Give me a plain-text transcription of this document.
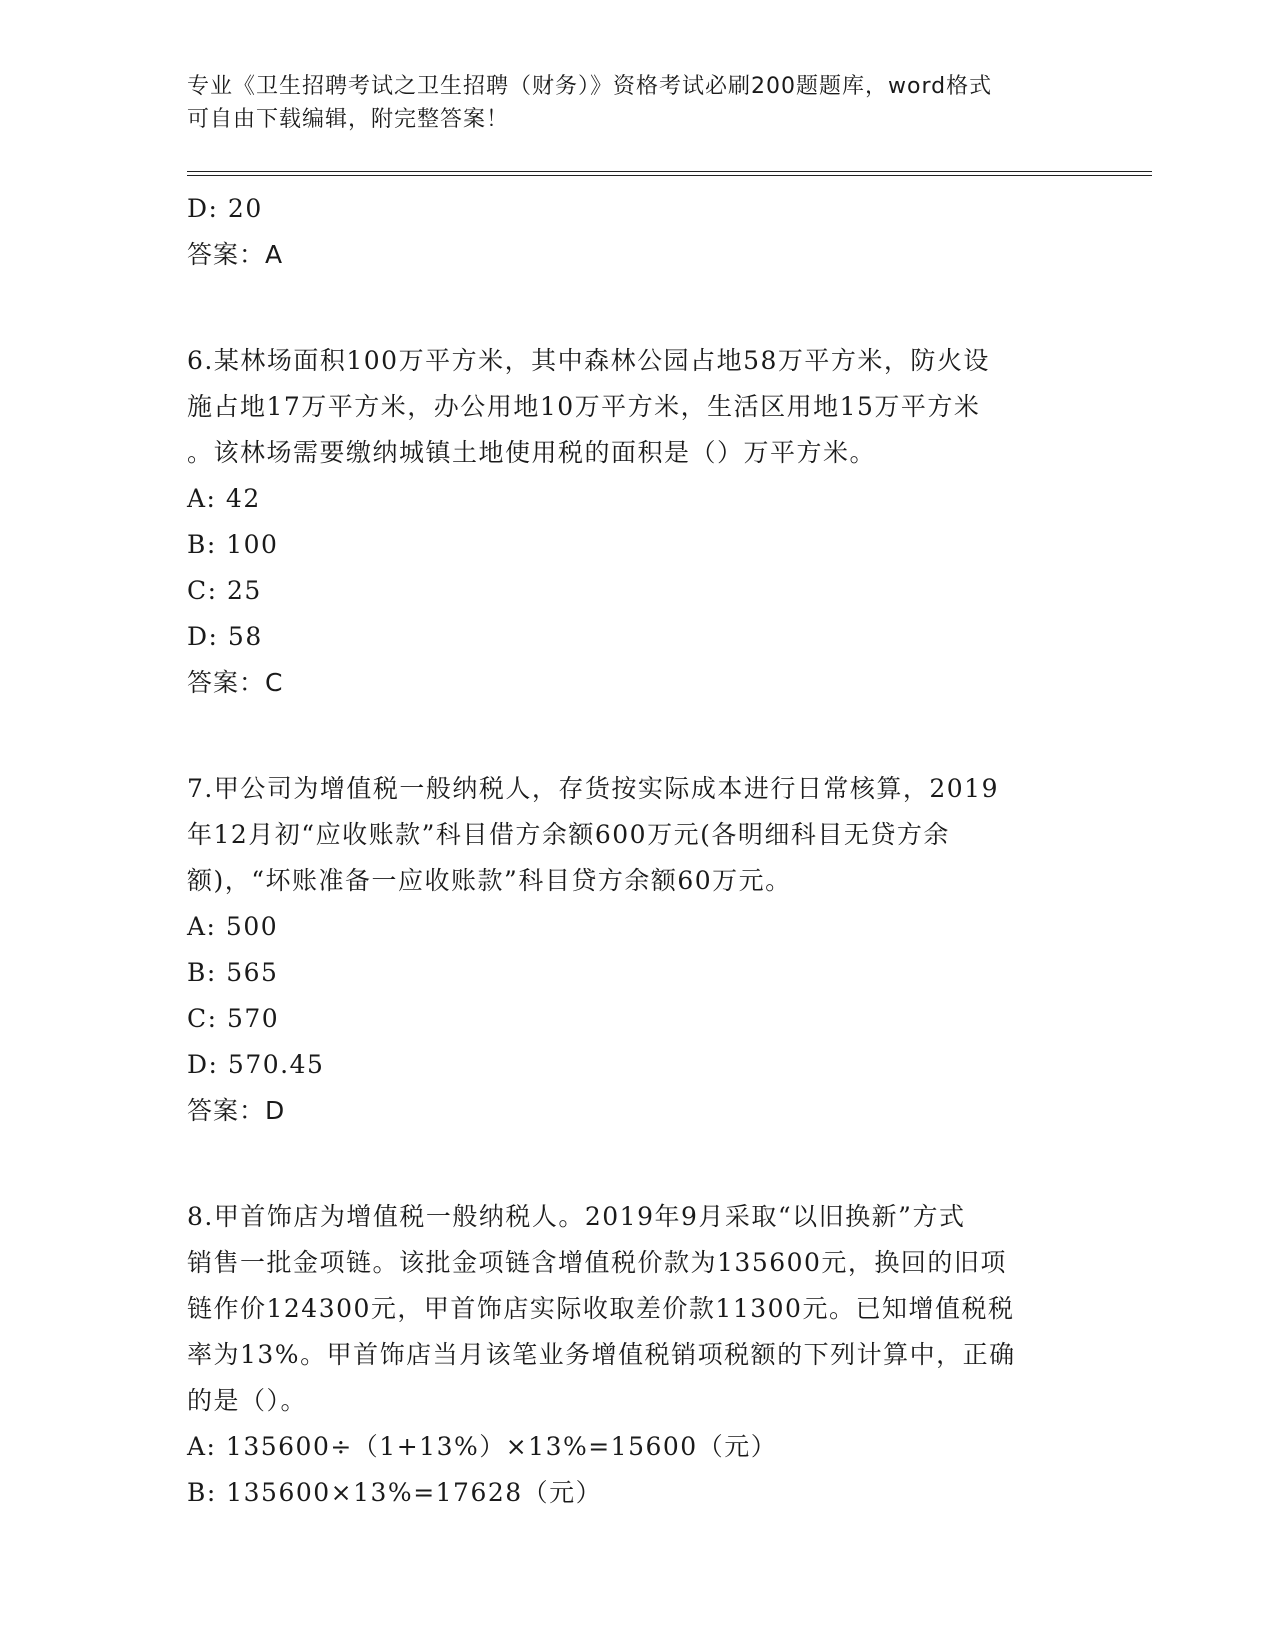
专业《卫生招聘考试之卫生招聘（财务）》资格考试必刷200题题库，word格式
可自由下载编辑，附完整答案！
D: 20
答案：A
6.某林场面积100万平方米，其中森林公园占地58万平方米，防火设
施占地17万平方米，办公用地10万平方米，生活区用地15万平方米
。该林场需要缴纳城镇土地使用税的面积是（）万平方米。
A: 42
B: 100
C: 25
D: 58
答案：C
7.甲公司为增值税一般纳税人，存货按实际成本进行日常核算，2019
年12月初“应收账款”科目借方余额600万元(各明细科目无贷方余
额)，“坏账准备一应收账款”科目贷方余额60万元。
A: 500
B: 565
C: 570
D: 570.45
答案：D
8.甲首饰店为增值税一般纳税人。2019年9月采取“以旧换新”方式
销售一批金项链。该批金项链含增值税价款为135600元，换回的旧项
链作价124300元，甲首饰店实际收取差价款11300元。已知增值税税
率为13%。甲首饰店当月该笔业务增值税销项税额的下列计算中，正确
的是（）。
A: 135600÷（1+13%）×13%=15600（元）
B: 135600×13%=17628（元）
